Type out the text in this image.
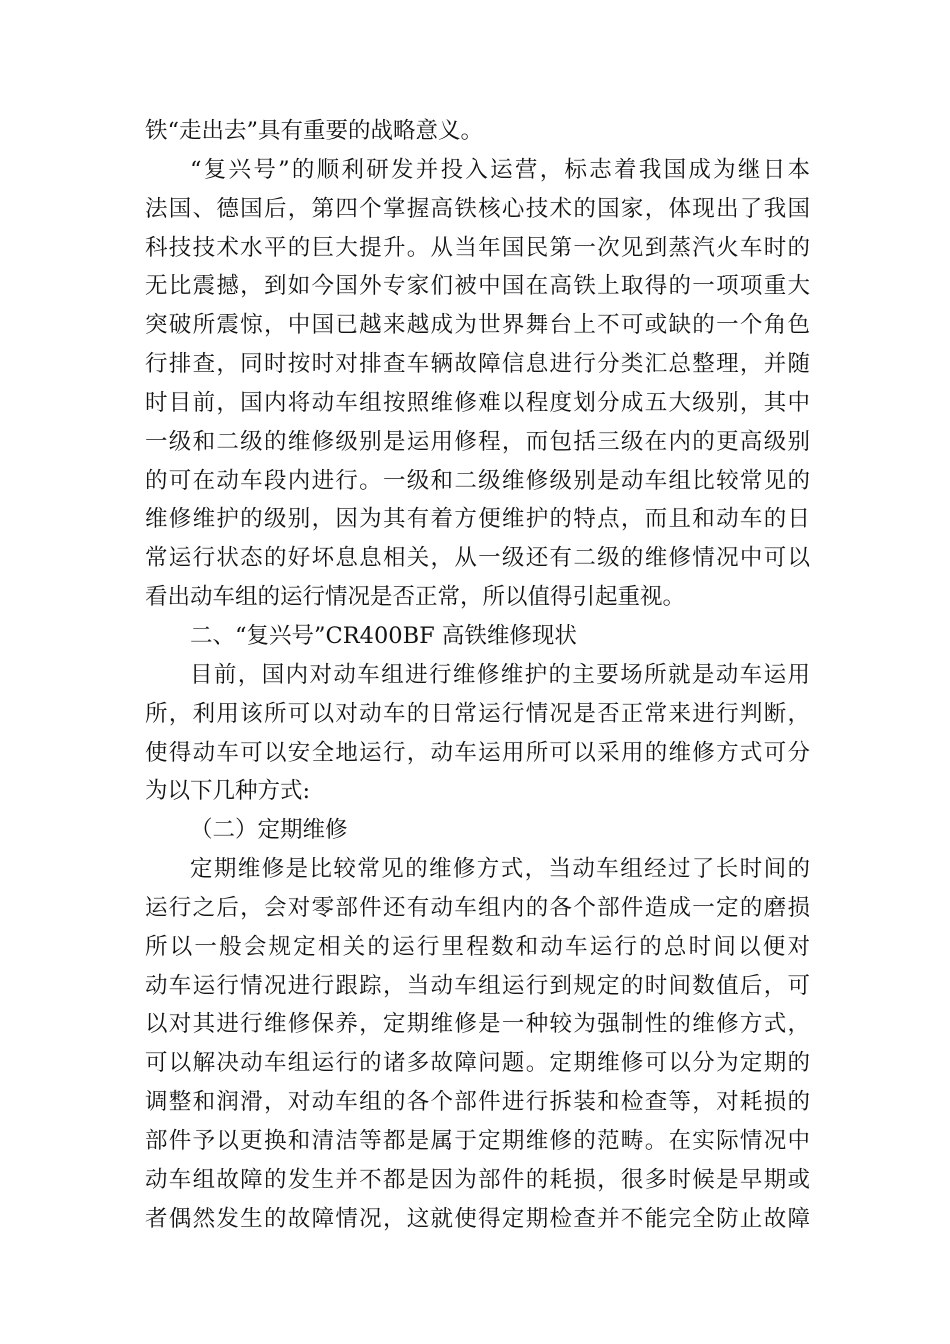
铁“走出去”具有重要的战略意义。
“复兴号”的顺利研发并投入运营，标志着我国成为继日本
法国、德国后，第四个掌握高铁核心技术的国家，体现出了我国
科技技术水平的巨大提升。从当年国民第一次见到蒸汽火车时的
无比震撼，到如今国外专家们被中国在高铁上取得的一项项重大
突破所震惊，中国已越来越成为世界舞台上不可或缺的一个角色
行排查，同时按时对排查车辆故障信息进行分类汇总整理，并随
时目前，国内将动车组按照维修难以程度划分成五大级别，其中
一级和二级的维修级别是运用修程，而包括三级在内的更高级别
的可在动车段内进行。一级和二级维修级别是动车组比较常见的
维修维护的级别，因为其有着方便维护的特点，而且和动车的日
常运行状态的好坏息息相关，从一级还有二级的维修情况中可以
看出动车组的运行情况是否正常，所以值得引起重视。
二、“复兴号”CR400BF 高铁维修现状
目前，国内对动车组进行维修维护的主要场所就是动车运用
所，利用该所可以对动车的日常运行情况是否正常来进行判断，
使得动车可以安全地运行，动车运用所可以采用的维修方式可分
为以下几种方式:
（二）定期维修
定期维修是比较常见的维修方式，当动车组经过了长时间的
运行之后，会对零部件还有动车组内的各个部件造成一定的磨损
所以一般会规定相关的运行里程数和动车运行的总时间以便对
动车运行情况进行跟踪，当动车组运行到规定的时间数值后，可
以对其进行维修保养，定期维修是一种较为强制性的维修方式，
可以解决动车组运行的诸多故障问题。定期维修可以分为定期的
调整和润滑，对动车组的各个部件进行拆装和检查等，对耗损的
部件予以更换和清洁等都是属于定期维修的范畴。在实际情况中
动车组故障的发生并不都是因为部件的耗损，很多时候是早期或
者偶然发生的故障情况，这就使得定期检查并不能完全防止故障
